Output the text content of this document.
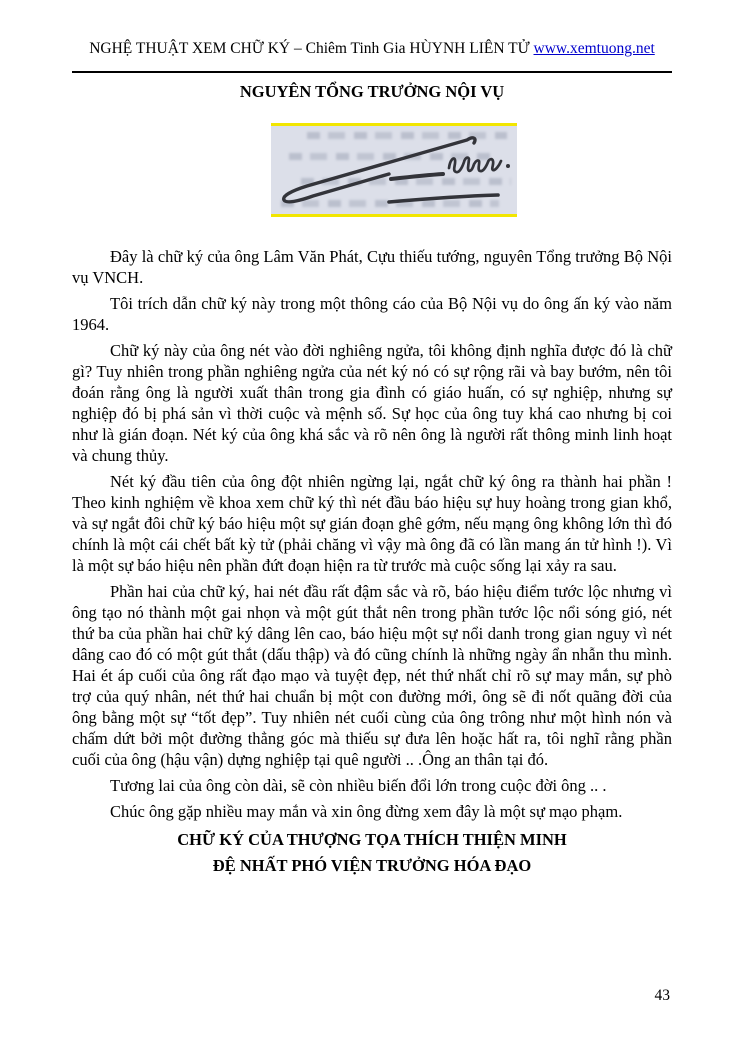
NGHỆ THUẬT XEM CHỮ KÝ – Chiêm Tinh Gia HÙYNH LIÊN TỬ www.xemtuong.net
NGUYÊN TỔNG TRƯỞNG NỘI VỤ

Đây là chữ ký của ông Lâm Văn Phát, Cựu thiếu tướng, nguyên Tổng trưởng Bộ Nội vụ VNCH.

Tôi trích dẫn chữ ký này trong một thông cáo của Bộ Nội vụ do ông ấn ký vào năm 1964.

Chữ ký này của ông nét vào đời nghiêng ngửa, tôi không định nghĩa được đó là chữ gì? Tuy nhiên trong phần nghiêng ngửa của nét ký nó có sự rộng rãi và bay bướm, nên tôi đoán rằng ông là người xuất thân trong gia đình có giáo huấn, có sự nghiệp, nhưng sự nghiệp đó bị phá sản vì thời cuộc và mệnh số. Sự học của ông tuy khá cao nhưng bị coi như là gián đoạn. Nét ký của ông khá sắc và rõ nên ông là người rất thông minh linh hoạt và chung thủy.

Nét ký đầu tiên của ông đột nhiên ngừng lại, ngắt chữ ký ông ra thành hai phần ! Theo kinh nghiệm về khoa xem chữ ký thì nét đầu báo hiệu sự huy hoàng trong gian khổ, và sự ngắt đôi chữ ký báo hiệu một sự gián đoạn ghê gớm, nếu mạng ông không lớn thì đó chính là một cái chết bất kỳ tử (phải chăng vì vậy mà ông đã có lần mang án tử hình !). Vì là một sự báo hiệu nên phần đứt đoạn hiện ra từ trước mà cuộc sống lại xảy ra sau.

Phần hai của chữ ký, hai nét đầu rất đậm sắc và rõ, báo hiệu điểm tước lộc nhưng vì ông tạo nó thành một gai nhọn và một gút thắt nên trong phần tước lộc nổi sóng gió, nét thứ ba của phần hai chữ ký dâng lên cao, báo hiệu một sự nổi danh trong gian nguy vì nét dâng cao đó có một gút thắt (dấu thập) và đó cũng chính là những ngày ẩn nhẫn thu mình. Hai ét áp cuối của ông rất đạo mạo và tuyệt đẹp, nét thứ nhất chỉ rõ sự may mắn, sự phò trợ của quý nhân, nét thứ hai chuẩn bị một con đường mới, ông sẽ đi nốt quãng đời của ông bằng một sự “tốt đẹp”. Tuy nhiên nét cuối cùng của ông trông như một hình nón và chấm dứt bởi một đường thẳng góc mà thiếu sự đưa lên hoặc hất ra, tôi nghĩ rằng phần cuối của ông (hậu vận) dựng nghiệp tại quê người .. .Ông an thân tại đó.

Tương lai của ông còn dài, sẽ còn nhiều biến đổi lớn trong cuộc đời ông .. .

Chúc ông gặp nhiều may mắn và xin ông đừng xem đây là một sự mạo phạm.

CHỮ KÝ CỦA THƯỢNG TỌA THÍCH THIỆN MINH
ĐỆ NHẤT PHÓ VIỆN TRƯỞNG HÓA ĐẠO
43
